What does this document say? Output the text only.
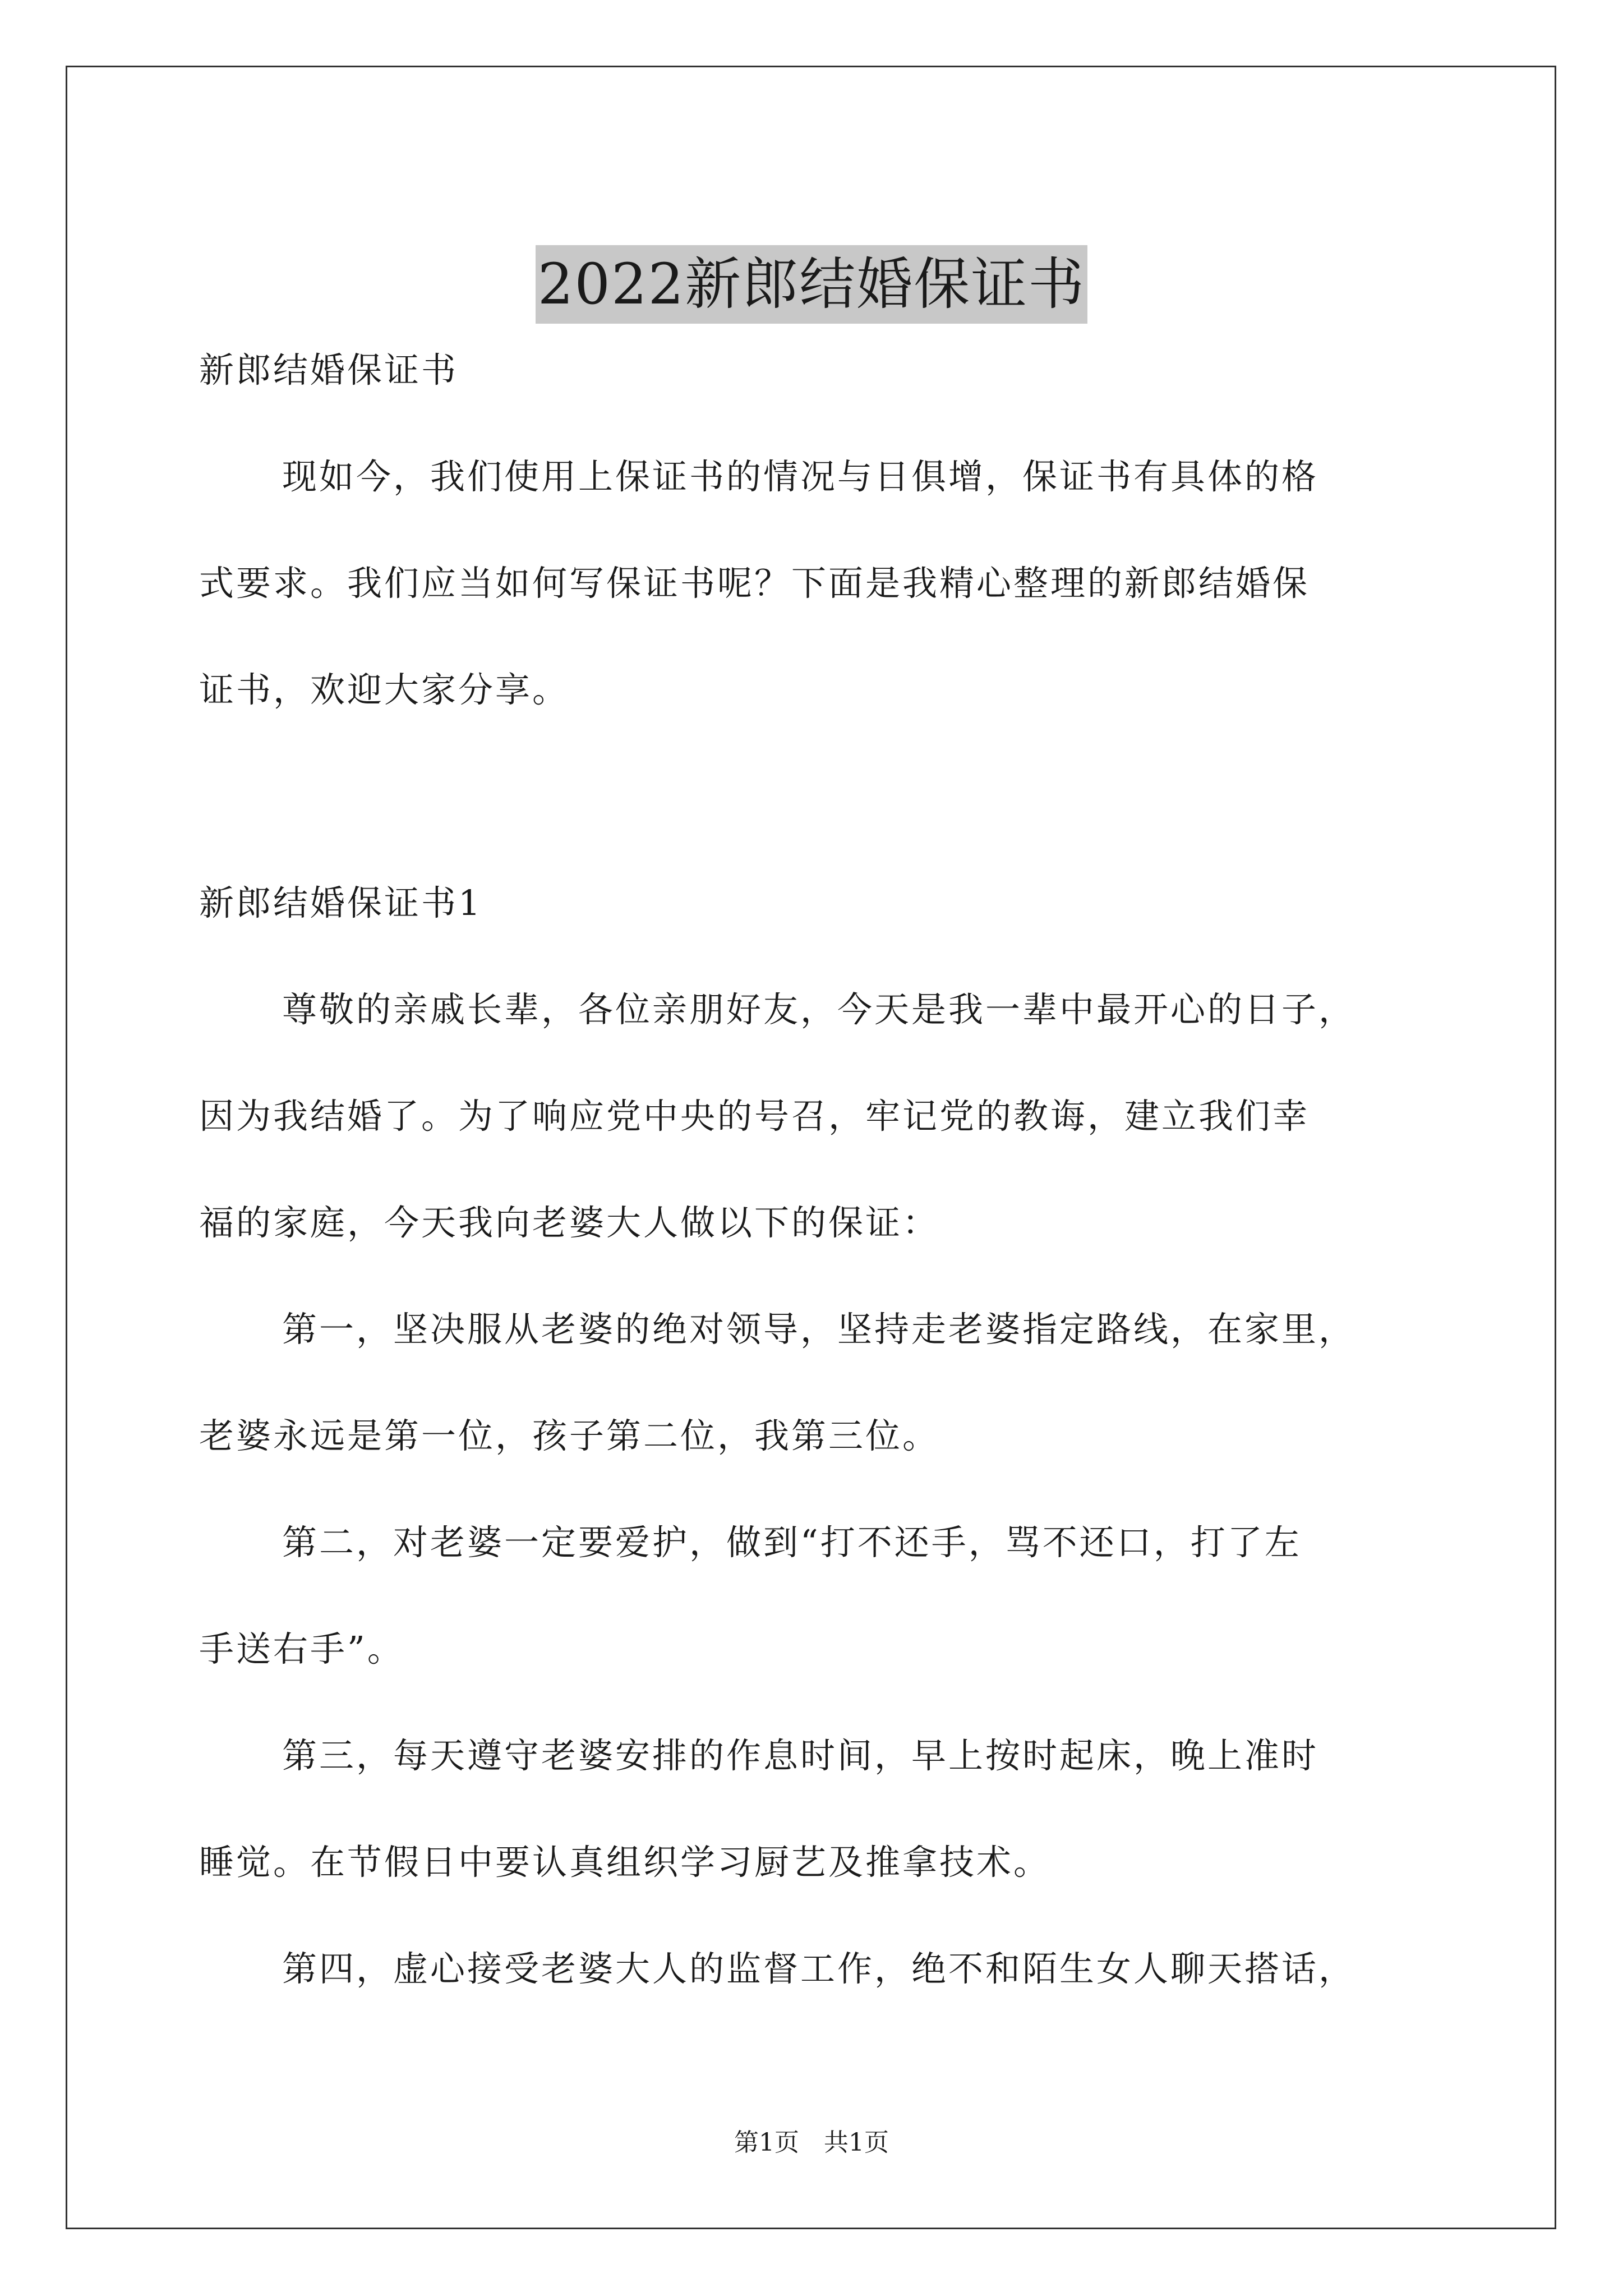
2022新郎结婚保证书
新郎结婚保证书
现如今，我们使用上保证书的情况与日俱增，保证书有具体的格
式要求。我们应当如何写保证书呢？下面是我精心整理的新郎结婚保
证书，欢迎大家分享。
新郎结婚保证书1
尊敬的亲戚长辈，各位亲朋好友，今天是我一辈中最开心的日子，
因为我结婚了。为了响应党中央的号召，牢记党的教诲，建立我们幸
福的家庭，今天我向老婆大人做以下的保证：
第一，坚决服从老婆的绝对领导，坚持走老婆指定路线，在家里，
老婆永远是第一位，孩子第二位，我第三位。
第二，对老婆一定要爱护，做到“打不还手，骂不还口，打了左
手送右手”。
第三，每天遵守老婆安排的作息时间，早上按时起床，晚上准时
睡觉。在节假日中要认真组织学习厨艺及推拿技术。
第四，虚心接受老婆大人的监督工作，绝不和陌生女人聊天搭话，
第1页　共1页
